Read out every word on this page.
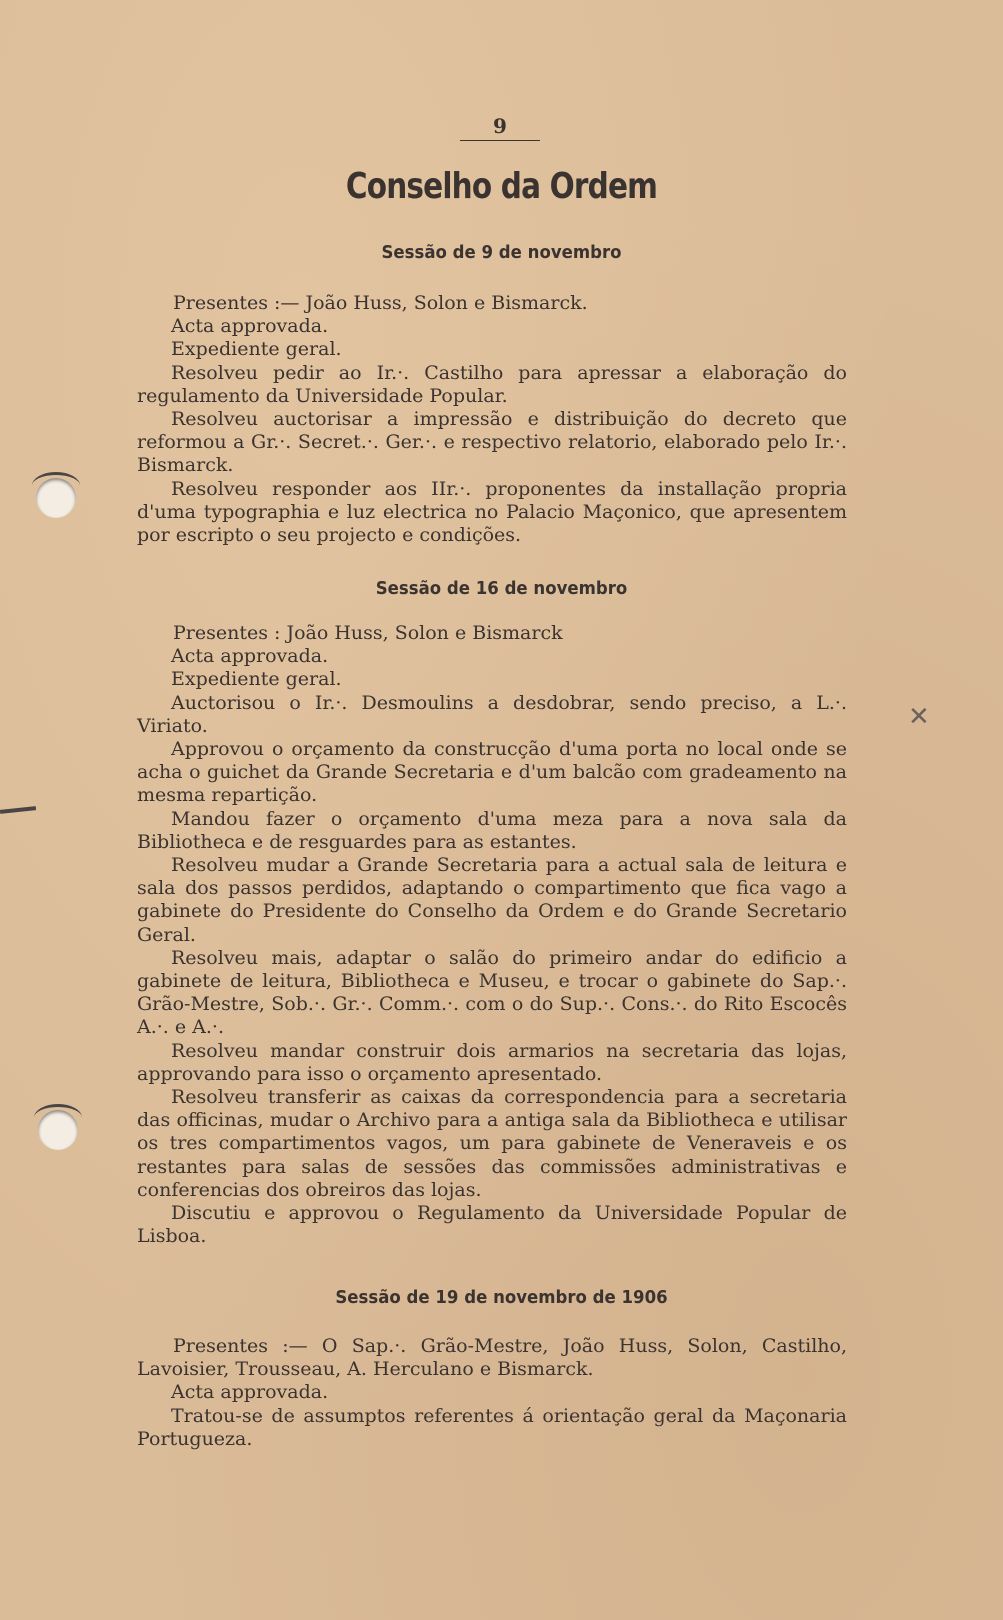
✕
9
Conselho da Ordem
Sessão de 9 de novembro

Presentes :— João Huss, Solon e Bismarck.

Acta approvada.

Expediente geral.

Resolveu pedir ao Ir.·. Castilho para apressar a elaboração do regulamento da Universidade Popular.

Resolveu auctorisar a impressão e distribuição do decreto que reformou a Gr.·. Secret.·. Ger.·. e respectivo relatorio, elaborado pelo Ir.·. Bismarck.

Resolveu responder aos IIr.·. proponentes da installação propria d'uma typographia e luz electrica no Palacio Maçonico, que apresentem por escripto o seu projecto e condições.

Sessão de 16 de novembro

Presentes : João Huss, Solon e Bismarck

Acta approvada.

Expediente geral.

Auctorisou o Ir.·. Desmoulins a desdobrar, sendo preciso, a L.·. Viriato.

Approvou o orçamento da construcção d'uma porta no local onde se acha o guichet da Grande Secretaria e d'um balcão com gradeamento na mesma repartição.

Mandou fazer o orçamento d'uma meza para a nova sala da Bibliotheca e de resguardes para as estantes.

Resolveu mudar a Grande Secretaria para a actual sala de leitura e sala dos passos perdidos, adaptando o compartimento que fica vago a gabinete do Presidente do Conselho da Ordem e do Grande Secretario Geral.

Resolveu mais, adaptar o salão do primeiro andar do edificio a gabinete de leitura, Bibliotheca e Museu, e trocar o gabinete do Sap.·. Grão-Mestre, Sob.·. Gr.·. Comm.·. com o do Sup.·. Cons.·. do Rito Escocês A.·. e A.·.

Resolveu mandar construir dois armarios na secretaria das lojas, approvando para isso o orçamento apresentado.

Resolveu transferir as caixas da correspondencia para a secretaria das officinas, mudar o Archivo para a antiga sala da Bibliotheca e utilisar os tres compartimentos vagos, um para gabinete de Veneraveis e os restantes para salas de sessões das commissões administrativas e conferencias dos obreiros das lojas.

Discutiu e approvou o Regulamento da Universidade Popular de Lisboa.

Sessão de 19 de novembro de 1906

Presentes :— O Sap.·. Grão-Mestre, João Huss, Solon, Castilho, Lavoisier, Trousseau, A. Herculano e Bismarck.

Acta approvada.

Tratou-se de assumptos referentes á orientação geral da Maçonaria Portugueza.
